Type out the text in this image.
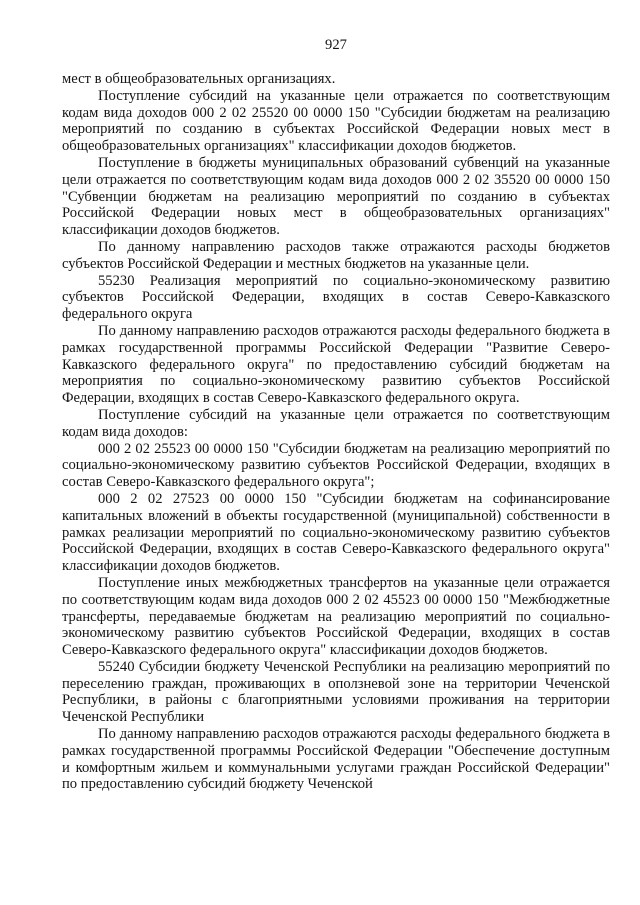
927

мест в общеобразовательных организациях.

Поступление субсидий на указанные цели отражается по соответствующим кодам вида доходов 000 2 02 25520 00 0000 150 "Субсидии бюджетам на реализацию мероприятий по созданию в субъектах Российской Федерации новых мест в общеобразовательных организациях" классификации доходов бюджетов.

Поступление в бюджеты муниципальных образований субвенций на указанные цели отражается по соответствующим кодам вида доходов 000 2 02 35520 00 0000 150 "Субвенции бюджетам на реализацию мероприятий по созданию в субъектах Российской Федерации новых мест в общеобразовательных организациях" классификации доходов бюджетов.

По данному направлению расходов также отражаются расходы бюджетов субъектов Российской Федерации и местных бюджетов на указанные цели.

55230 Реализация мероприятий по социально-экономическому развитию субъектов Российской Федерации, входящих в состав Северо-Кавказского федерального округа

По данному направлению расходов отражаются расходы федерального бюджета в рамках государственной программы Российской Федерации "Развитие Северо-Кавказского федерального округа" по предоставлению субсидий бюджетам на мероприятия по социально-экономическому развитию субъектов Российской Федерации, входящих в состав Северо-Кавказского федерального округа.

Поступление субсидий на указанные цели отражается по соответствующим кодам вида доходов:

000 2 02 25523 00 0000 150 "Субсидии бюджетам на реализацию мероприятий по социально-экономическому развитию субъектов Российской Федерации, входящих в состав Северо-Кавказского федерального округа";

000 2 02 27523 00 0000 150 "Субсидии бюджетам на софинансирование капитальных вложений в объекты государственной (муниципальной) собственности в рамках реализации мероприятий по социально-экономическому развитию субъектов Российской Федерации, входящих в состав Северо-Кавказского федерального округа" классификации доходов бюджетов.

Поступление иных межбюджетных трансфертов на указанные цели отражается по соответствующим кодам вида доходов 000 2 02 45523 00 0000 150 "Межбюджетные трансферты, передаваемые бюджетам на реализацию мероприятий по социально-экономическому развитию субъектов Российской Федерации, входящих в состав Северо-Кавказского федерального округа" классификации доходов бюджетов.

55240 Субсидии бюджету Чеченской Республики на реализацию мероприятий по переселению граждан, проживающих в оползневой зоне на территории Чеченской Республики, в районы с благоприятными условиями проживания на территории Чеченской Республики

По данному направлению расходов отражаются расходы федерального бюджета в рамках государственной программы Российской Федерации "Обеспечение доступным и комфортным жильем и коммунальными услугами граждан Российской Федерации" по предоставлению субсидий бюджету Чеченской
